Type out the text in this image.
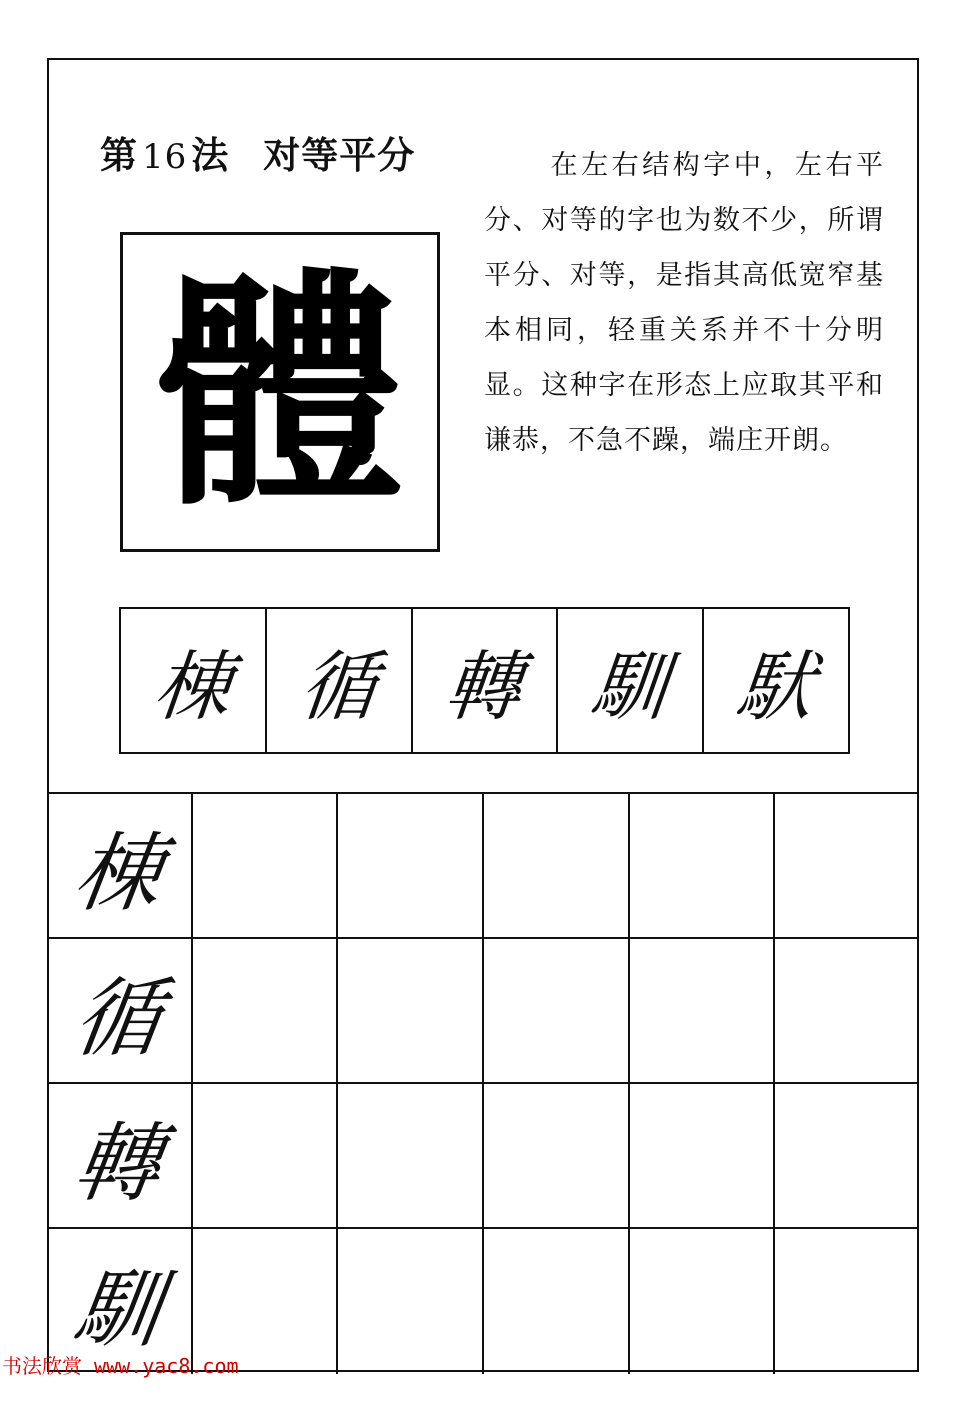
第 16 法 对等平分	在左右结构字中，左右平分、对等的字也为数不少，所谓平分、对等，是指其高低宽窄基本相同，轻重关系并不十分明显。这种字在形态上应取其平和谦恭，不急不躁，端庄开朗。
體
棟 循 轉 馴 䭾
棟
循
轉
馴
书法欣赏 www.yac8.com
